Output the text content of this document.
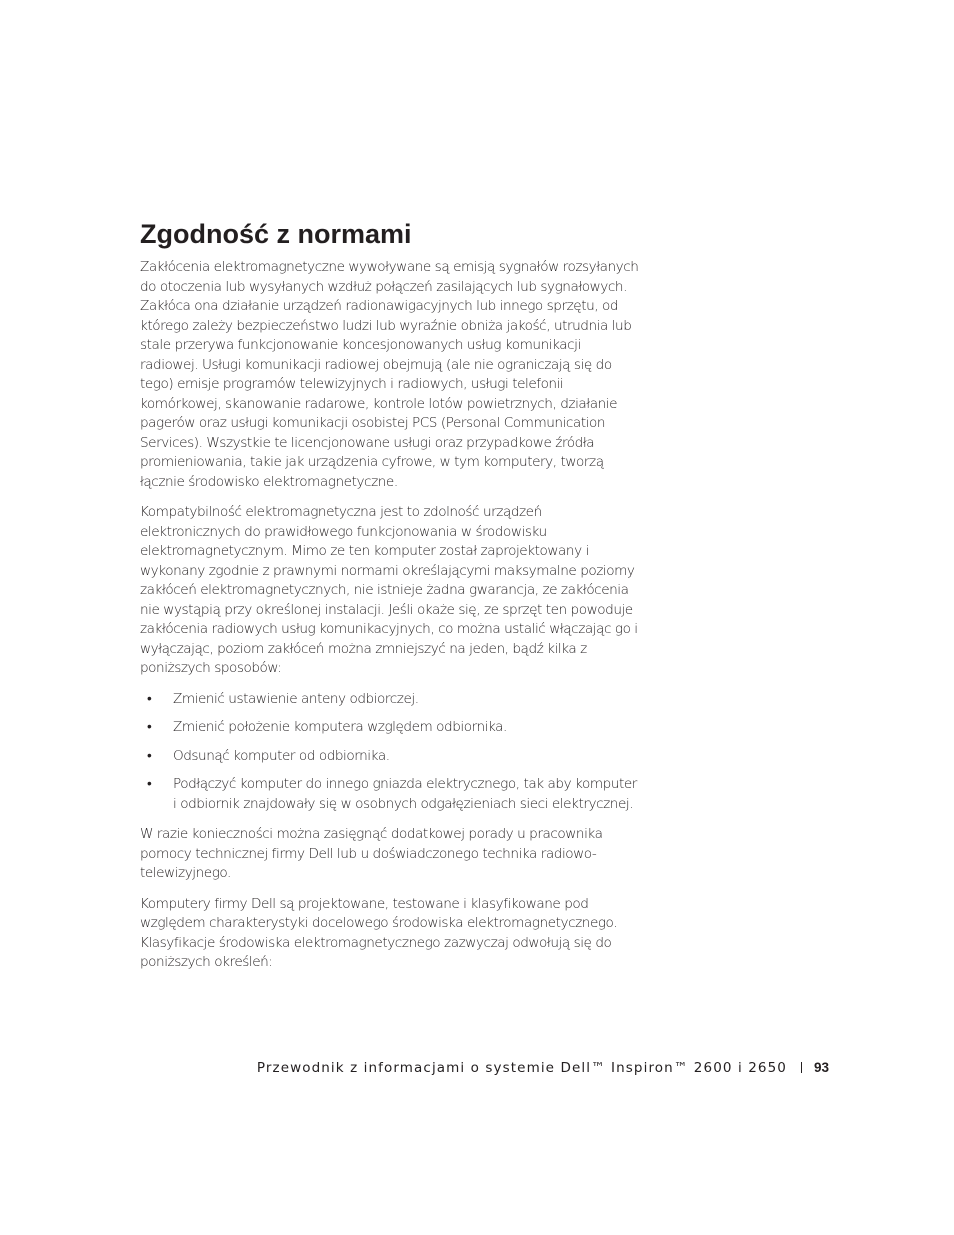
Zgodność z normami

Zakłócenia elektromagnetyczne wywoływane są emisją sygnałów rozsyłanych do otoczenia lub wysyłanych wzdłuż połączeń zasilających lub sygnałowych. Zakłóca ona działanie urządzeń radionawigacyjnych lub innego sprzętu, od którego zależy bezpieczeństwo ludzi lub wyraźnie obniża jakość, utrudnia lub stale przerywa funkcjonowanie koncesjonowanych usług komunikacji radiowej. Usługi komunikacji radiowej obejmują (ale nie ograniczają się do tego) emisje programów telewizyjnych i radiowych, usługi telefonii komórkowej, skanowanie radarowe, kontrole lotów powietrznych, działanie pagerów oraz usługi komunikacji osobistej PCS (Personal Communication Services). Wszystkie te licencjonowane usługi oraz przypadkowe źródła promieniowania, takie jak urządzenia cyfrowe, w tym komputery, tworzą łącznie środowisko elektromagnetyczne.

Kompatybilność elektromagnetyczna jest to zdolność urządzeń elektronicznych do prawidłowego funkcjonowania w środowisku elektromagnetycznym. Mimo ze ten komputer został zaprojektowany i wykonany zgodnie z prawnymi normami określającymi maksymalne poziomy zakłóceń elektromagnetycznych, nie istnieje żadna gwarancja, ze zakłócenia nie wystąpią przy określonej instalacji. Jeśli okaże się, ze sprzęt ten powoduje zakłócenia radiowych usług komunikacyjnych, co można ustalić włączając go i wyłączając, poziom zakłóceń można zmniejszyć na jeden, bądź kilka z poniższych sposobów:

• Zmienić ustawienie anteny odbiorczej.
• Zmienić położenie komputera względem odbiornika.
• Odsunąć komputer od odbiornika.
• Podłączyć komputer do innego gniazda elektrycznego, tak aby komputer i odbiornik znajdowały się w osobnych odgałęzieniach sieci elektrycznej.

W razie konieczności można zasięgnąć dodatkowej porady u pracownika pomocy technicznej firmy Dell lub u doświadczonego technika radiowo-telewizyjnego.

Komputery firmy Dell są projektowane, testowane i klasyfikowane pod względem charakterystyki docelowego środowiska elektromagnetycznego. Klasyfikacje środowiska elektromagnetycznego zazwyczaj odwołują się do poniższych określeń:

Przewodnik z informacjami o systemie Dell™ Inspiron™ 2600 i 2650 93
